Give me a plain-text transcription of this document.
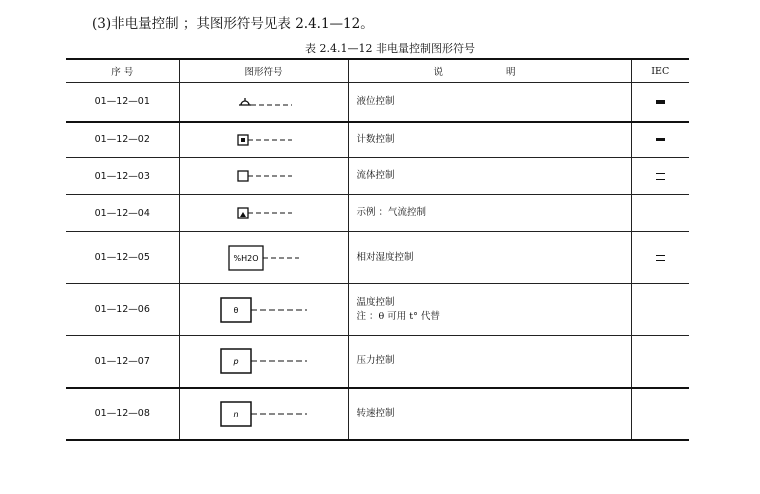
(3)非电量控制 ；其图形符号见表 2.4.1—12。
表 2.4.1—12 非电量控制图形符号
序 号	图形符号	说 明	IEC
01—12—01		液位控制	

01—12—02		计数控制	

01—12—03		流体控制	

01—12—04		示例 ：气流控制	

01—12—05	%H2O	相对湿度控制	

01—12—06	θ	温度控制
注 ：θ 可用 t° 代替	

01—12—07	p	压力控制	

01—12—08	n	转速控制	
